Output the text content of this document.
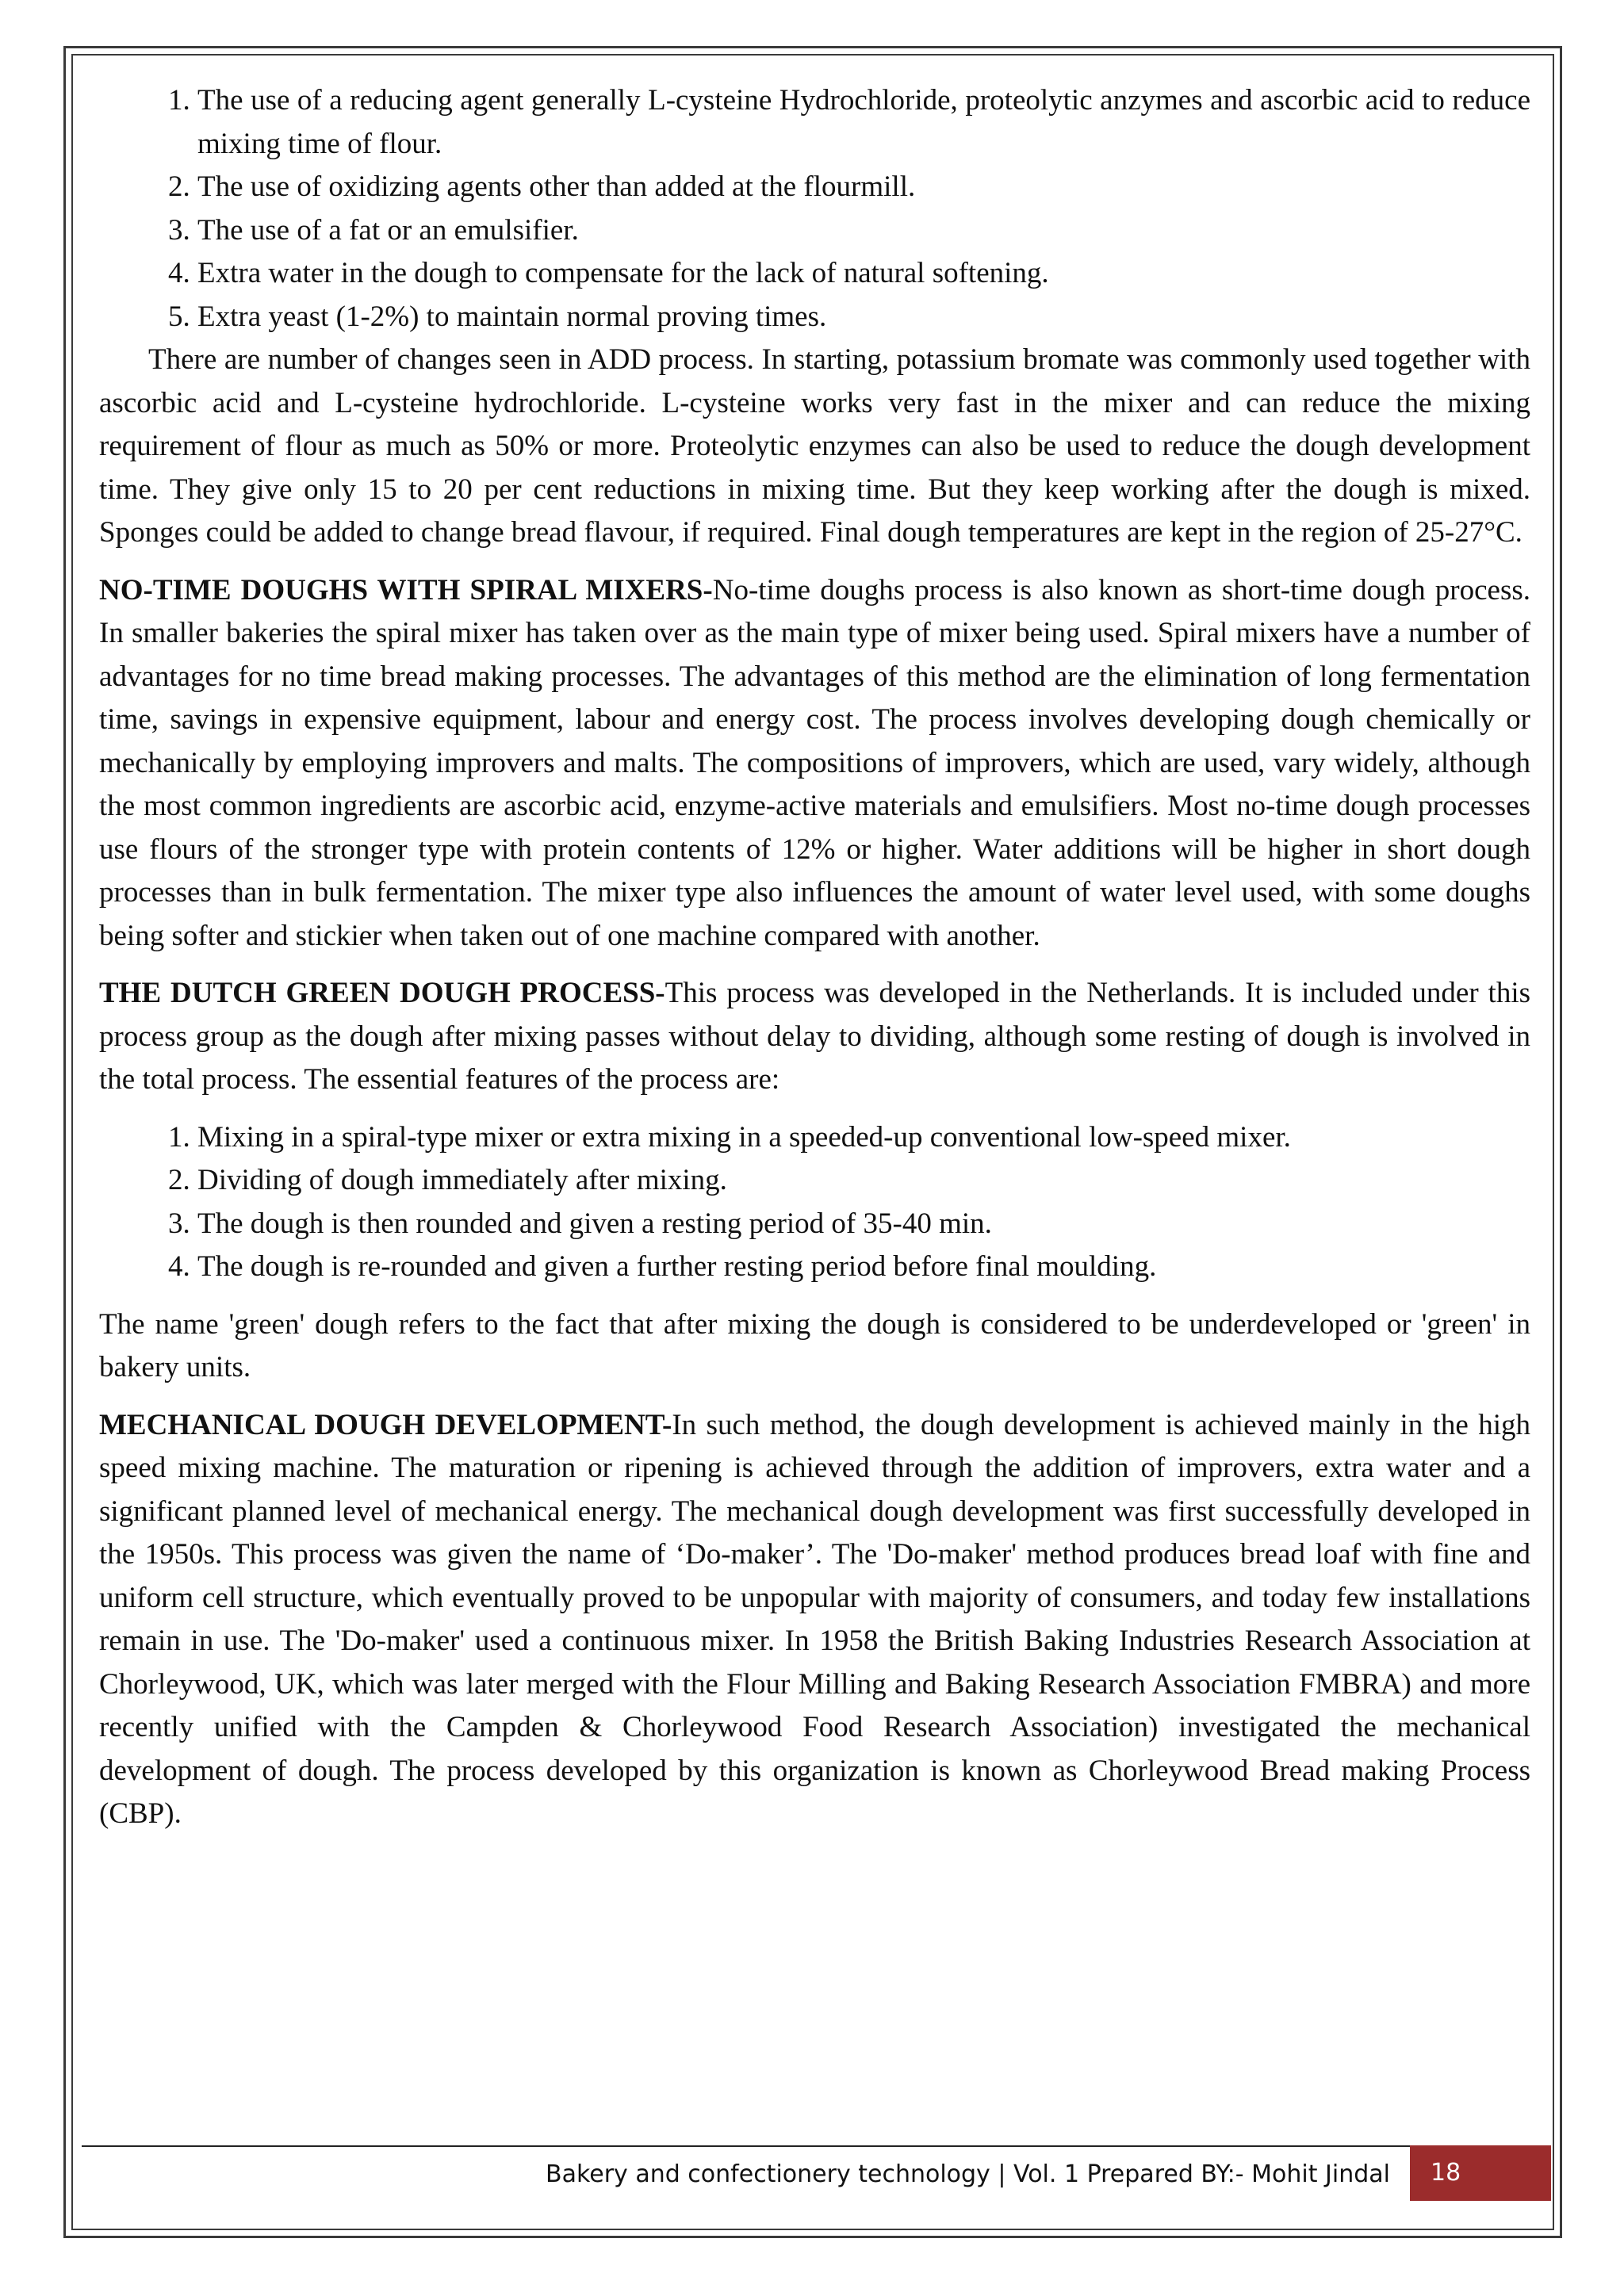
1. The use of a reducing agent generally L-cysteine Hydrochloride, proteolytic anzymes and ascorbic acid to reduce mixing time of flour.
2. The use of oxidizing agents other than added at the flourmill.
3. The use of a fat or an emulsifier.
4. Extra water in the dough to compensate for the lack of natural softening.
5. Extra yeast (1-2%) to maintain normal proving times.

There are number of changes seen in ADD process. In starting, potassium bromate was commonly used together with ascorbic acid and L-cysteine hydrochloride. L-cysteine works very fast in the mixer and can reduce the mixing requirement of flour as much as 50% or more. Proteolytic enzymes can also be used to reduce the dough development time. They give only 15 to 20 per cent reductions in mixing time. But they keep working after the dough is mixed. Sponges could be added to change bread flavour, if required. Final dough temperatures are kept in the region of 25-27°C.

NO-TIME DOUGHS WITH SPIRAL MIXERS-No-time doughs process is also known as short-time dough process. In smaller bakeries the spiral mixer has taken over as the main type of mixer being used. Spiral mixers have a number of advantages for no time bread making processes. The advantages of this method are the elimination of long fermentation time, savings in expensive equipment, labour and energy cost. The process involves developing dough chemically or mechanically by employing improvers and malts. The compositions of improvers, which are used, vary widely, although the most common ingredients are ascorbic acid, enzyme-active materials and emulsifiers. Most no-time dough processes use flours of the stronger type with protein contents of 12% or higher. Water additions will be higher in short dough processes than in bulk fermentation. The mixer type also influences the amount of water level used, with some doughs being softer and stickier when taken out of one machine compared with another.

THE DUTCH GREEN DOUGH PROCESS-This process was developed in the Netherlands. It is included under this process group as the dough after mixing passes without delay to dividing, although some resting of dough is involved in the total process. The essential features of the process are:

1. Mixing in a spiral-type mixer or extra mixing in a speeded-up conventional low-speed mixer.
2. Dividing of dough immediately after mixing.
3. The dough is then rounded and given a resting period of 35-40 min.
4. The dough is re-rounded and given a further resting period before final moulding.

The name 'green' dough refers to the fact that after mixing the dough is considered to be underdeveloped or 'green' in bakery units.

MECHANICAL DOUGH DEVELOPMENT-In such method, the dough development is achieved mainly in the high speed mixing machine. The maturation or ripening is achieved through the addition of improvers, extra water and a significant planned level of mechanical energy. The mechanical dough development was first successfully developed in the 1950s. This process was given the name of ‘Do-maker’. The 'Do-maker' method produces bread loaf with fine and uniform cell structure, which eventually proved to be unpopular with majority of consumers, and today few installations remain in use. The 'Do-maker' used a continuous mixer. In 1958 the British Baking Industries Research Association at Chorleywood, UK, which was later merged with the Flour Milling and Baking Research Association FMBRA) and more recently unified with the Campden & Chorleywood Food Research Association) investigated the mechanical development of dough. The process developed by this organization is known as Chorleywood Bread making Process (CBP).

Bakery and confectionery technology | Vol. 1 Prepared BY:- Mohit Jindal	18
